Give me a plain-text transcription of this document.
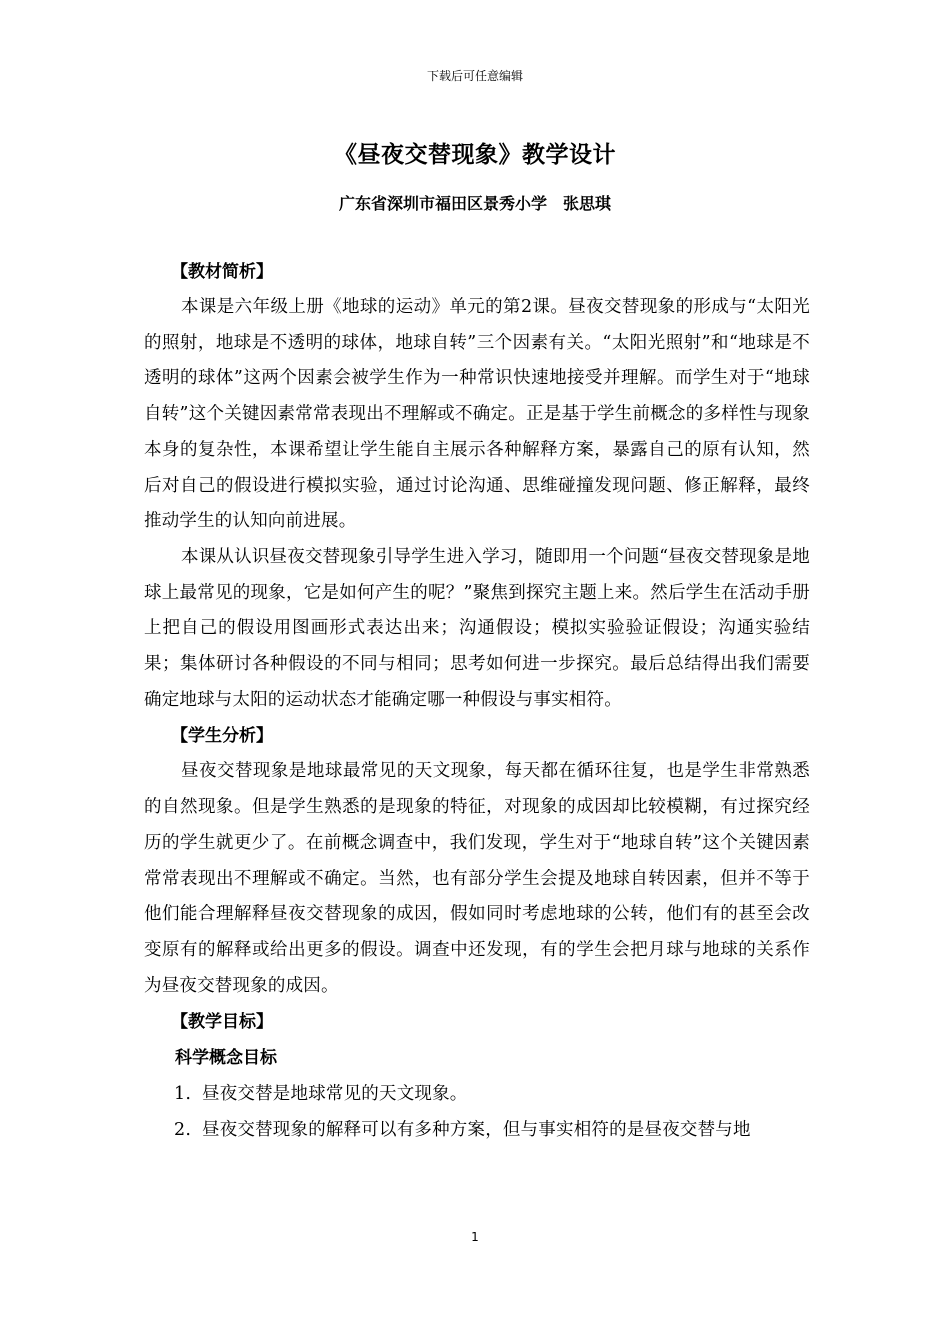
下载后可任意编辑
《昼夜交替现象》教学设计
广东省深圳市福田区景秀小学　张思琪
【教材简析】
本课是六年级上册《地球的运动》单元的第2课。昼夜交替现象的形成与“太阳光的照射，地球是不透明的球体，地球自转”三个因素有关。“太阳光照射”和“地球是不透明的球体”这两个因素会被学生作为一种常识快速地接受并理解。而学生对于“地球自转”这个关键因素常常表现出不理解或不确定。正是基于学生前概念的多样性与现象本身的复杂性，本课希望让学生能自主展示各种解释方案，暴露自己的原有认知，然后对自己的假设进行模拟实验，通过讨论沟通、思维碰撞发现问题、修正解释，最终推动学生的认知向前进展。
本课从认识昼夜交替现象引导学生进入学习，随即用一个问题“昼夜交替现象是地球上最常见的现象，它是如何产生的呢？”聚焦到探究主题上来。然后学生在活动手册上把自己的假设用图画形式表达出来；沟通假设；模拟实验验证假设；沟通实验结果；集体研讨各种假设的不同与相同；思考如何进一步探究。最后总结得出我们需要确定地球与太阳的运动状态才能确定哪一种假设与事实相符。
【学生分析】
昼夜交替现象是地球最常见的天文现象，每天都在循环往复，也是学生非常熟悉的自然现象。但是学生熟悉的是现象的特征，对现象的成因却比较模糊，有过探究经历的学生就更少了。在前概念调查中，我们发现，学生对于“地球自转”这个关键因素常常表现出不理解或不确定。当然，也有部分学生会提及地球自转因素，但并不等于他们能合理解释昼夜交替现象的成因，假如同时考虑地球的公转，他们有的甚至会改变原有的解释或给出更多的假设。调查中还发现，有的学生会把月球与地球的关系作为昼夜交替现象的成因。
【教学目标】
科学概念目标
1. 昼夜交替是地球常见的天文现象。
2. 昼夜交替现象的解释可以有多种方案，但与事实相符的是昼夜交替与地
1
